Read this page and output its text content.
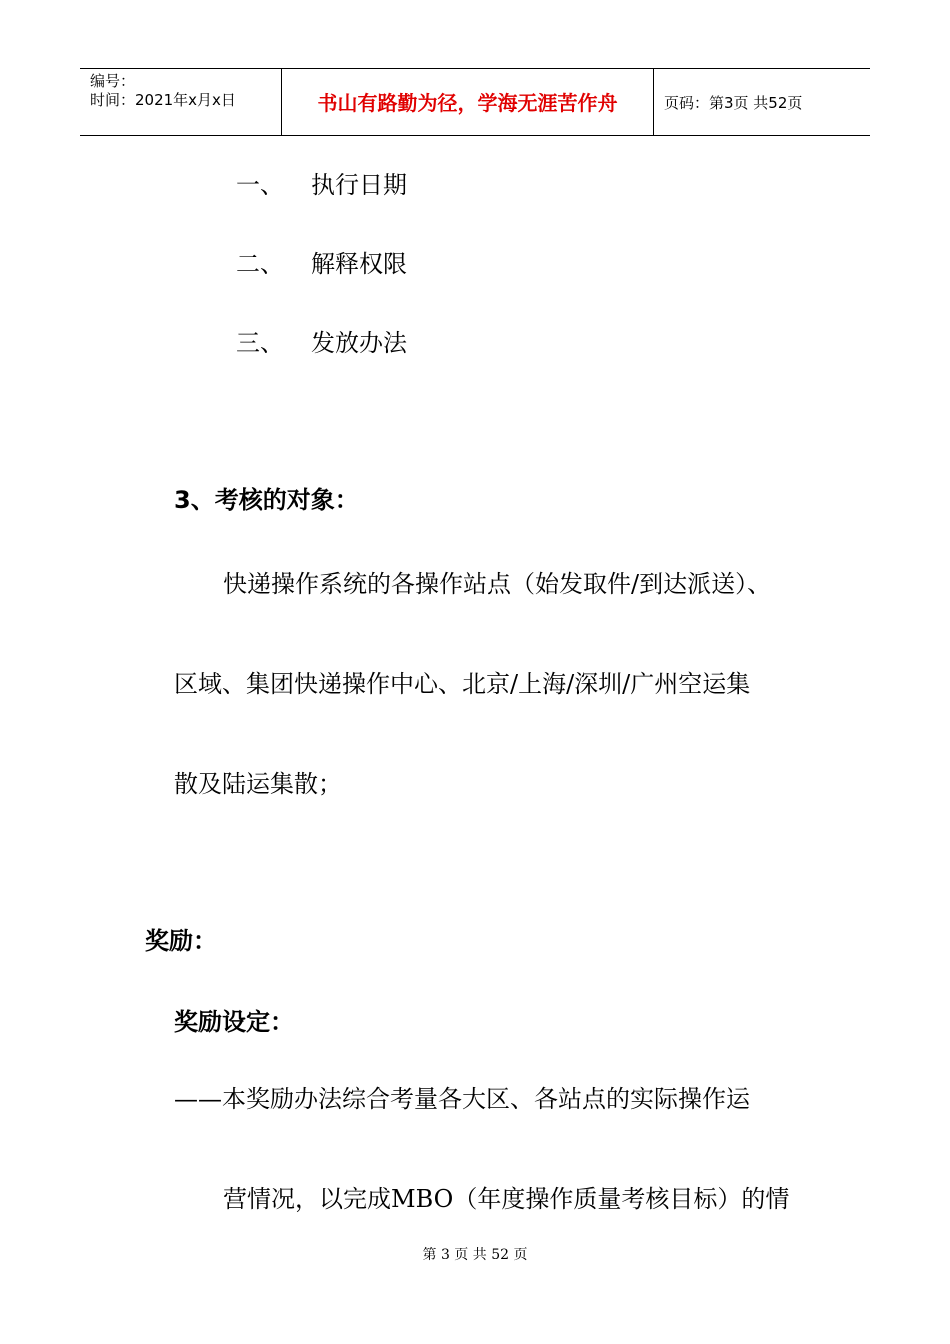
编号：
时间：2021年x月x日	书山有路勤为径，学海无涯苦作舟	页码：第3页 共52页
一、 执行日期
二、 解释权限
三、 发放办法
3、考核的对象：
快递操作系统的各操作站点（始发取件/到达派送）、
区域、集团快递操作中心、北京/上海/深圳/广州空运集
散及陆运集散；
奖励：
奖励设定：
——本奖励办法综合考量各大区、各站点的实际操作运
营情况，以完成MBO（年度操作质量考核目标）的情
第 3 页 共 52 页
